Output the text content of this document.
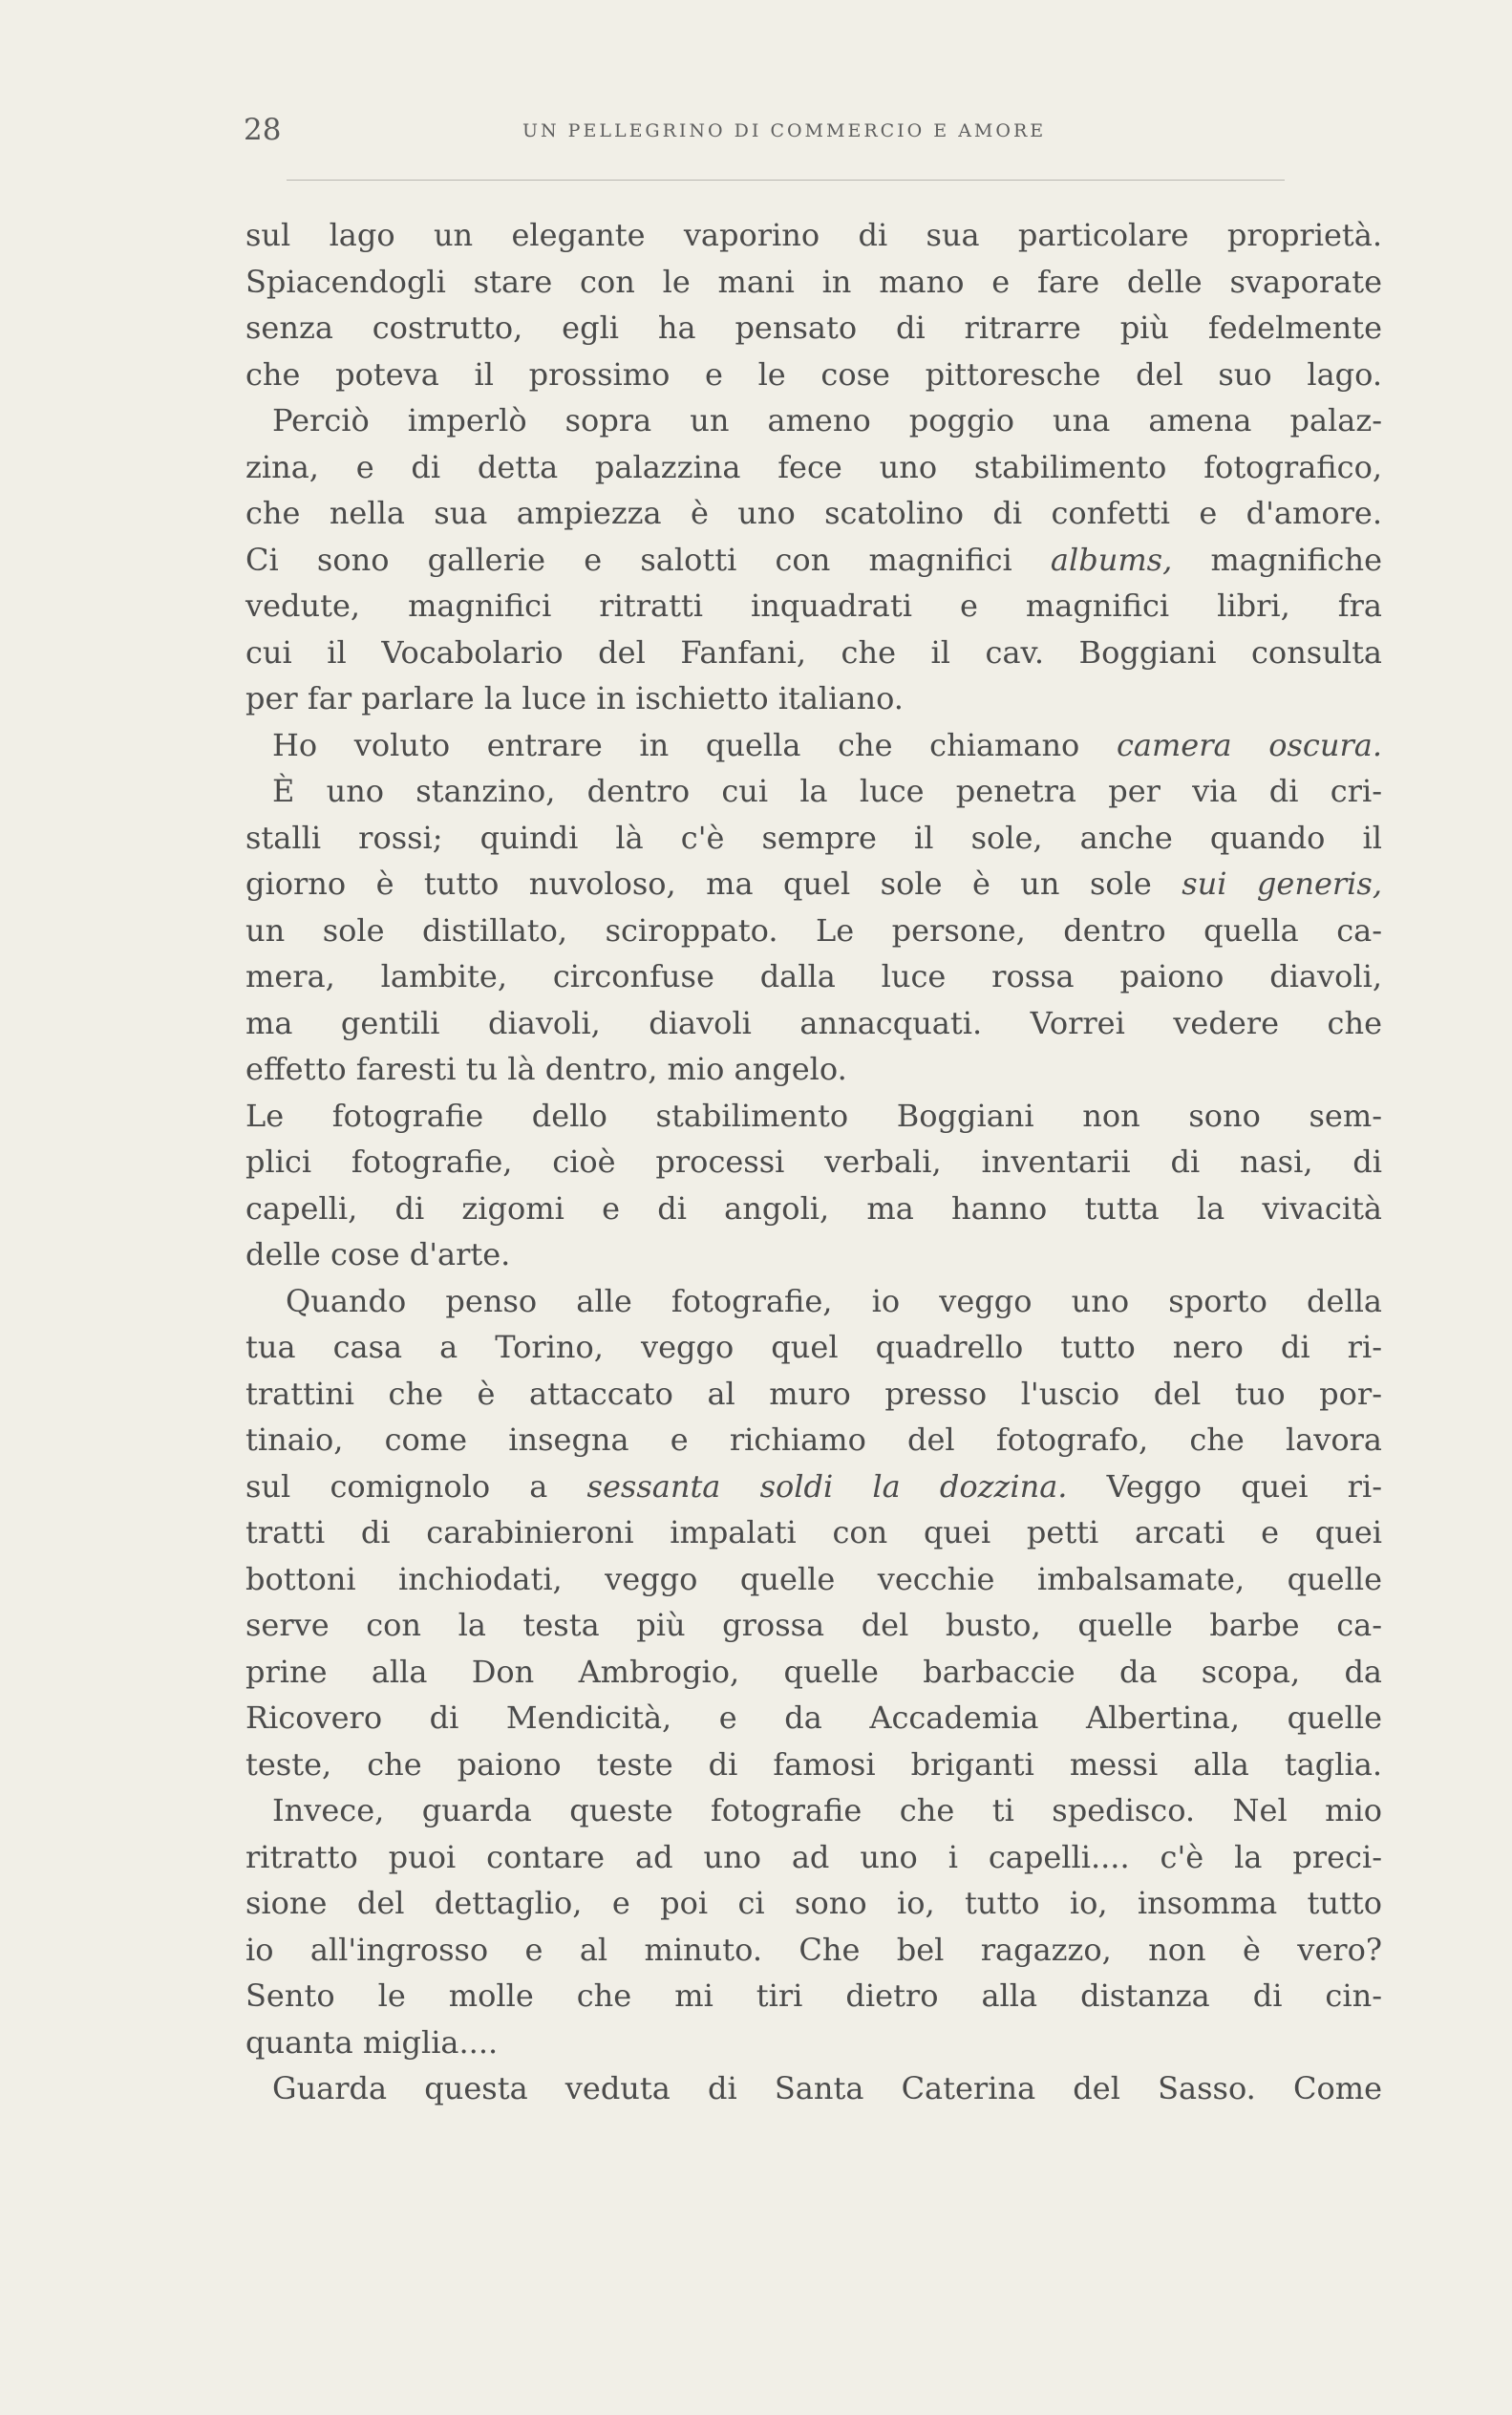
28	UN PELLEGRINO DI COMMERCIO E AMORE
sul lago un elegante vaporino di sua particolare proprietà.
Spiacendogli stare con le mani in mano e fare delle svaporate
senza costrutto, egli ha pensato di ritrarre più fedelmente
che poteva il prossimo e le cose pittoresche del suo lago.
Perciò imperlò sopra un ameno poggio una amena palaz-
zina, e di detta palazzina fece uno stabilimento fotografico,
che nella sua ampiezza è uno scatolino di confetti e d'amore.
Ci sono gallerie e salotti con magnifici albums, magnifiche
vedute, magnifici ritratti inquadrati e magnifici libri, fra
cui il Vocabolario del Fanfani, che il cav. Boggiani consulta
per far parlare la luce in ischietto italiano.
Ho voluto entrare in quella che chiamano camera oscura.
È uno stanzino, dentro cui la luce penetra per via di cri-
stalli rossi; quindi là c'è sempre il sole, anche quando il
giorno è tutto nuvoloso, ma quel sole è un sole sui generis,
un sole distillato, sciroppato. Le persone, dentro quella ca-
mera, lambite, circonfuse dalla luce rossa paiono diavoli,
ma gentili diavoli, diavoli annacquati. Vorrei vedere che
effetto faresti tu là dentro, mio angelo.
Le fotografie dello stabilimento Boggiani non sono sem-
plici fotografie, cioè processi verbali, inventarii di nasi, di
capelli, di zigomi e di angoli, ma hanno tutta la vivacità
delle cose d'arte.
Quando penso alle fotografie, io veggo uno sporto della
tua casa a Torino, veggo quel quadrello tutto nero di ri-
trattini che è attaccato al muro presso l'uscio del tuo por-
tinaio, come insegna e richiamo del fotografo, che lavora
sul comignolo a sessanta soldi la dozzina. Veggo quei ri-
tratti di carabinieroni impalati con quei petti arcati e quei
bottoni inchiodati, veggo quelle vecchie imbalsamate, quelle
serve con la testa più grossa del busto, quelle barbe ca-
prine alla Don Ambrogio, quelle barbaccie da scopa, da
Ricovero di Mendicità, e da Accademia Albertina, quelle
teste, che paiono teste di famosi briganti messi alla taglia.
Invece, guarda queste fotografie che ti spedisco. Nel mio
ritratto puoi contare ad uno ad uno i capelli.... c'è la preci-
sione del dettaglio, e poi ci sono io, tutto io, insomma tutto
io all'ingrosso e al minuto. Che bel ragazzo, non è vero?
Sento le molle che mi tiri dietro alla distanza di cin-
quanta miglia....
Guarda questa veduta di Santa Caterina del Sasso. Come
